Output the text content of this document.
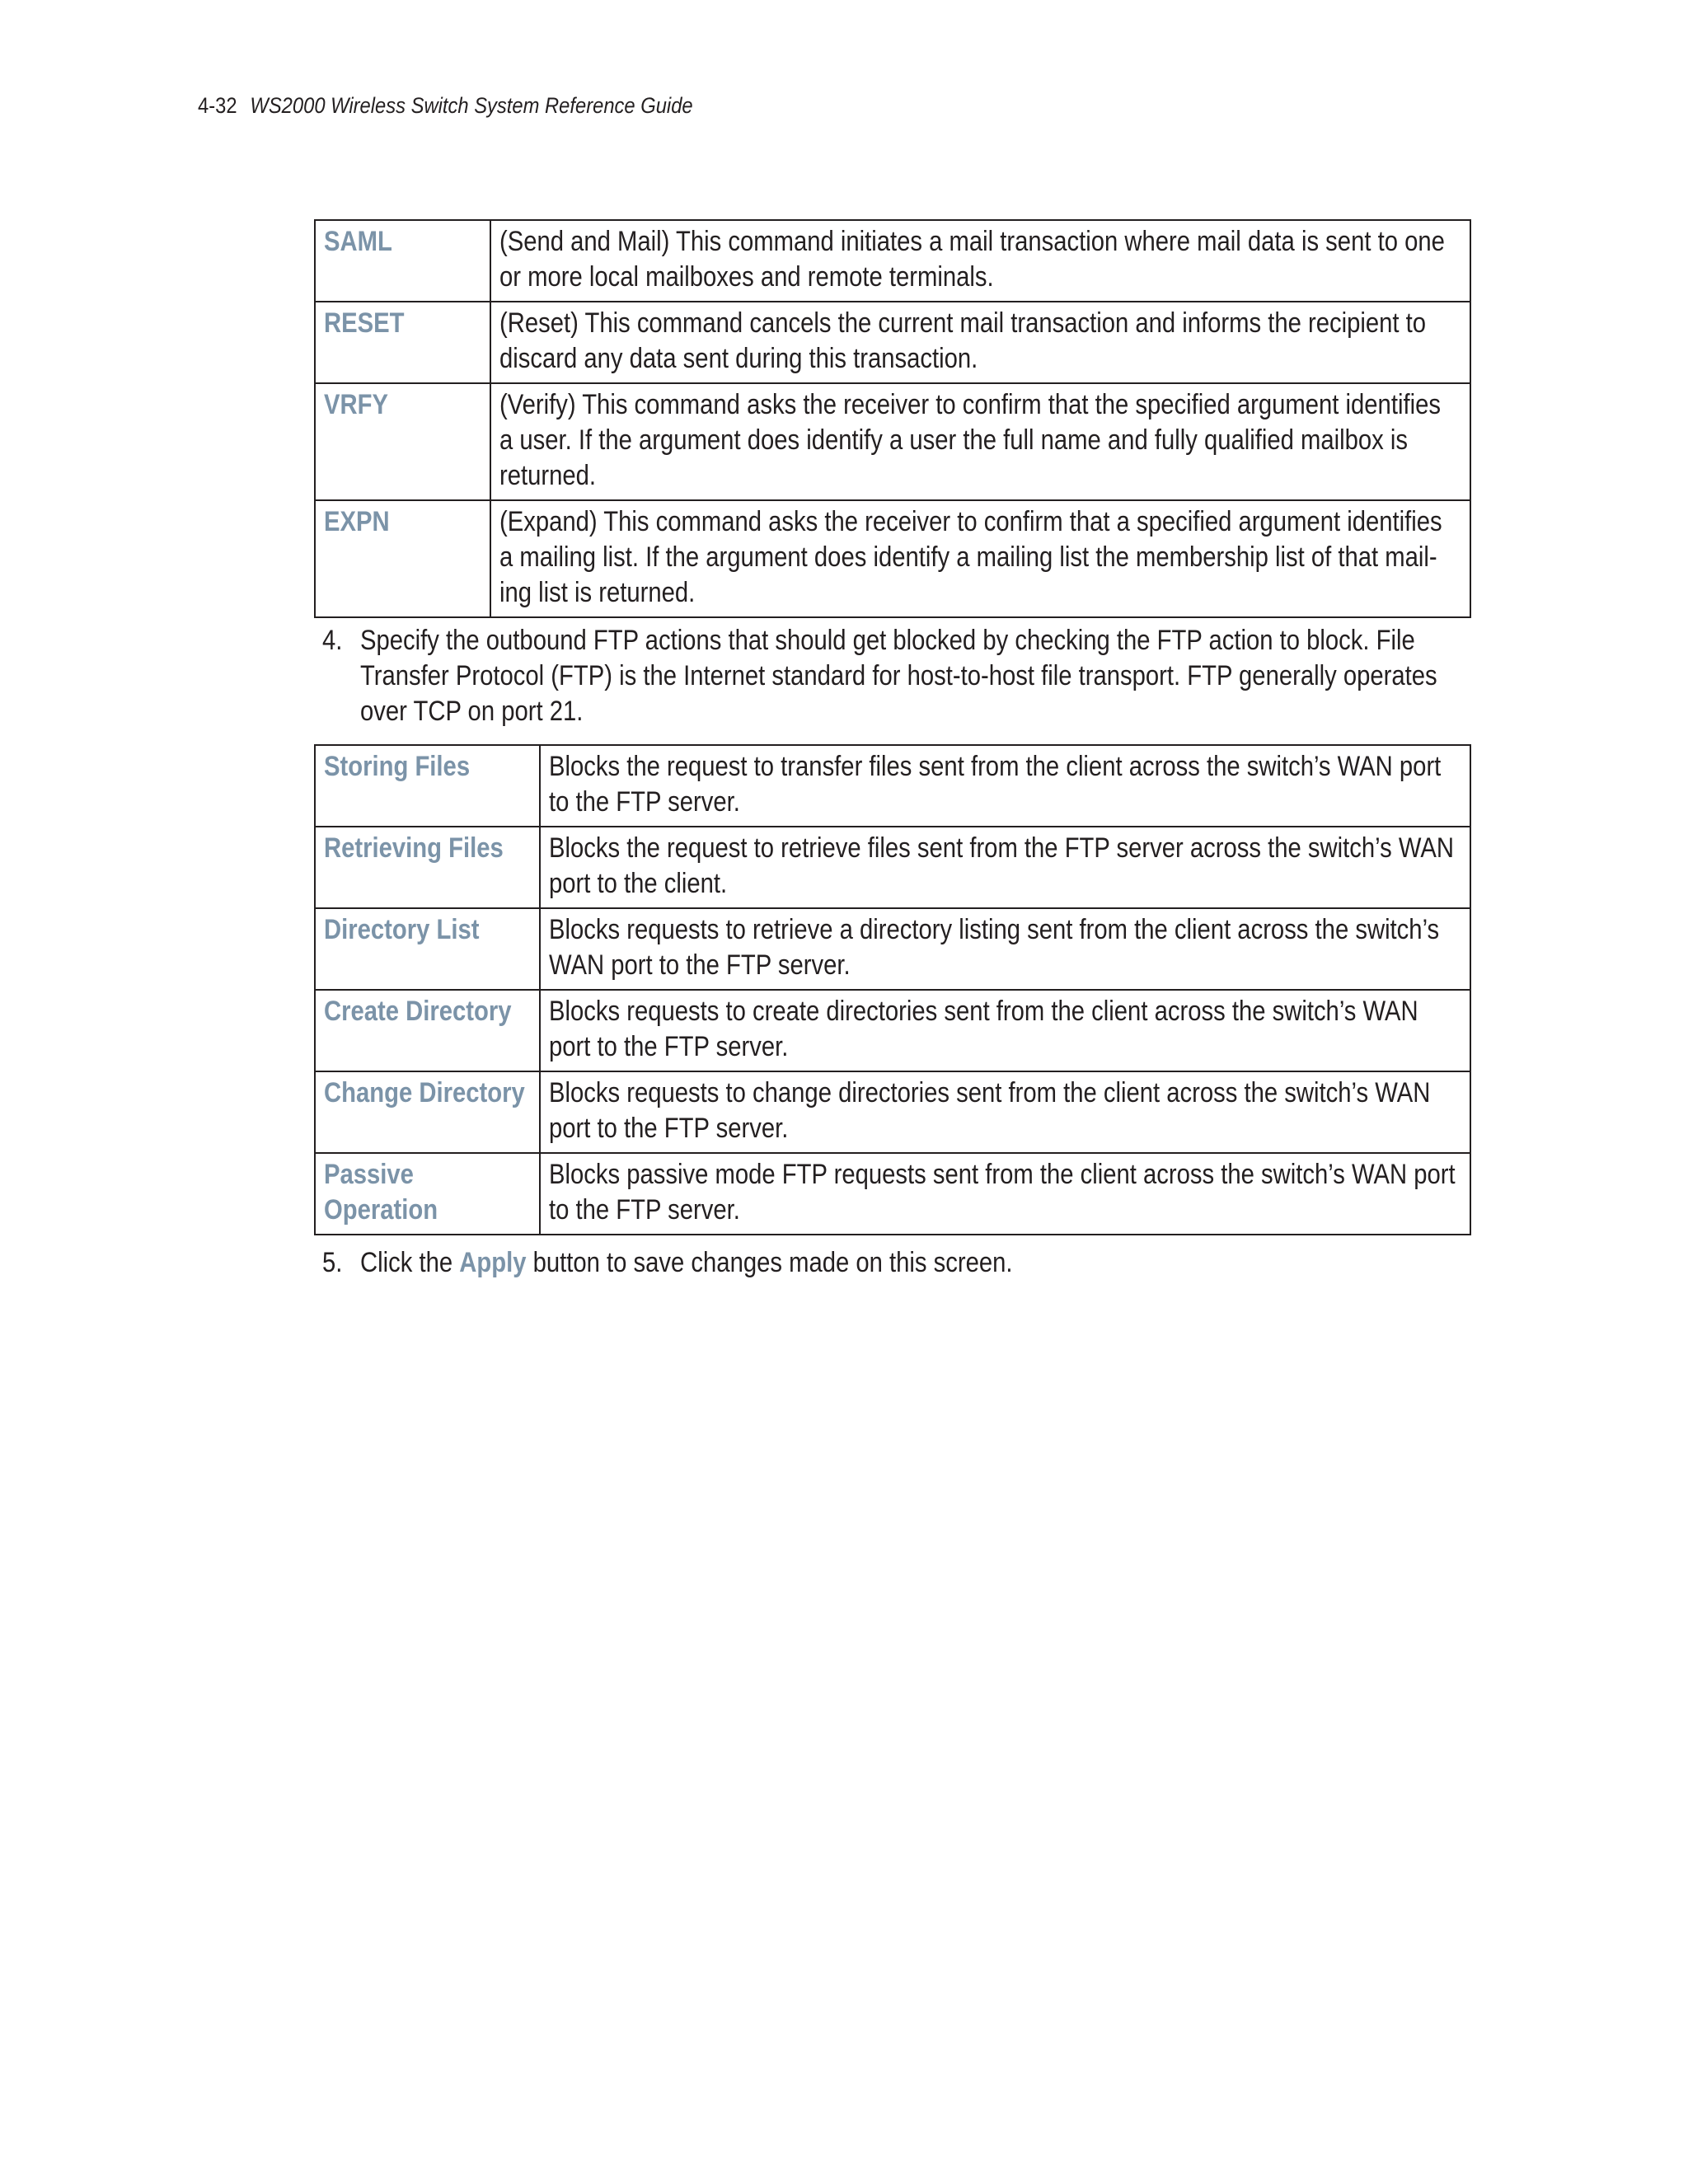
4-32 WS2000 Wireless Switch System Reference Guide
SAML	(Send and Mail) This command initiates a mail transaction where mail data is sent to one or more local mailboxes and remote terminals.

RESET	(Reset) This command cancels the current mail transaction and informs the recipient to discard any data sent during this transaction.

VRFY	(Verify) This command asks the receiver to confirm that the specified argument identifies a user. If the argument does identify a user the full name and fully qualified mailbox is returned.

EXPN	(Expand) This command asks the receiver to confirm that a specified argument identifies a mailing list. If the argument does identify a mailing list the membership list of that mail-ing list is returned.
4. Specify the outbound FTP actions that should get blocked by checking the FTP action to block. File Transfer Protocol (FTP) is the Internet standard for host-to-host file transport. FTP generally operates over TCP on port 21.
Storing Files	Blocks the request to transfer files sent from the client across the switch’s WAN port to the FTP server.

Retrieving Files	Blocks the request to retrieve files sent from the FTP server across the switch’s WAN port to the client.

Directory List	Blocks requests to retrieve a directory listing sent from the client across the switch’s WAN port to the FTP server.

Create Directory	Blocks requests to create directories sent from the client across the switch’s WAN port to the FTP server.

Change Directory	Blocks requests to change directories sent from the client across the switch’s WAN port to the FTP server.

Passive Operation	Blocks passive mode FTP requests sent from the client across the switch’s WAN port to the FTP server.
5. Click the Apply button to save changes made on this screen.
